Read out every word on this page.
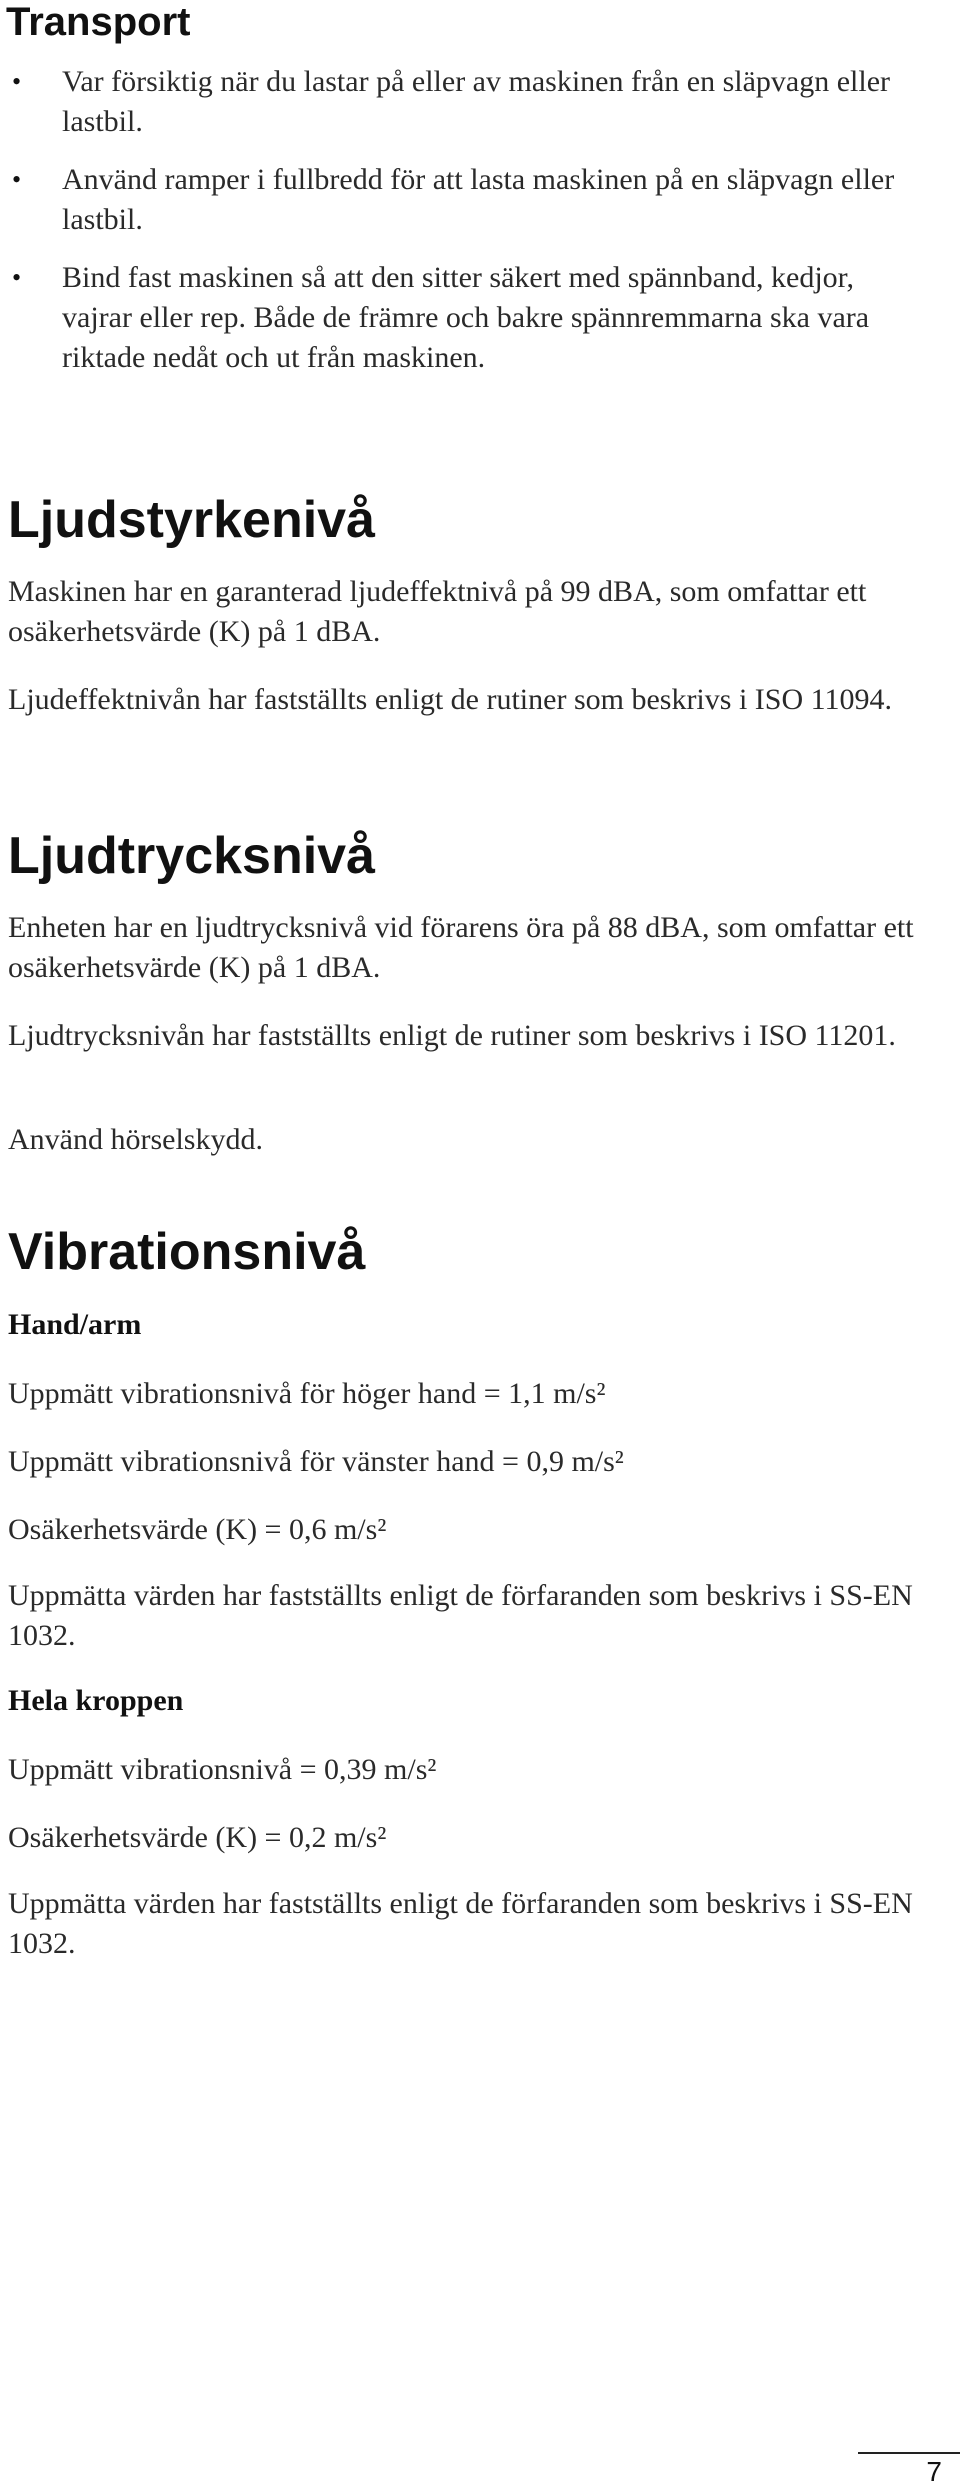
Transport
• Var försiktig när du lastar på eller av maskinen från en släpvagn eller lastbil.
• Använd ramper i fullbredd för att lasta maskinen på en släpvagn eller lastbil.
• Bind fast maskinen så att den sitter säkert med spännband, kedjor, vajrar eller rep. Både de främre och bakre spännremmarna ska vara riktade nedåt och ut från maskinen.
Ljudstyrkenivå

Maskinen har en garanterad ljudeffektnivå på 99 dBA, som omfattar ett osäkerhetsvärde (K) på 1 dBA.

Ljudeffektnivån har fastställts enligt de rutiner som beskrivs i ISO 11094.

Ljudtrycksnivå

Enheten har en ljudtrycksnivå vid förarens öra på 88 dBA, som omfattar ett osäkerhetsvärde (K) på 1 dBA.

Ljudtrycksnivån har fastställts enligt de rutiner som beskrivs i ISO 11201.

Använd hörselskydd.

Vibrationsnivå
Hand/arm

Uppmätt vibrationsnivå för höger hand = 1,1 m/s²

Uppmätt vibrationsnivå för vänster hand = 0,9 m/s²

Osäkerhetsvärde (K) = 0,6 m/s²

Uppmätta värden har fastställts enligt de förfaranden som beskrivs i SS-EN 1032.

Hela kroppen

Uppmätt vibrationsnivå = 0,39 m/s²

Osäkerhetsvärde (K) = 0,2 m/s²

Uppmätta värden har fastställts enligt de förfaranden som beskrivs i SS-EN 1032.

7
